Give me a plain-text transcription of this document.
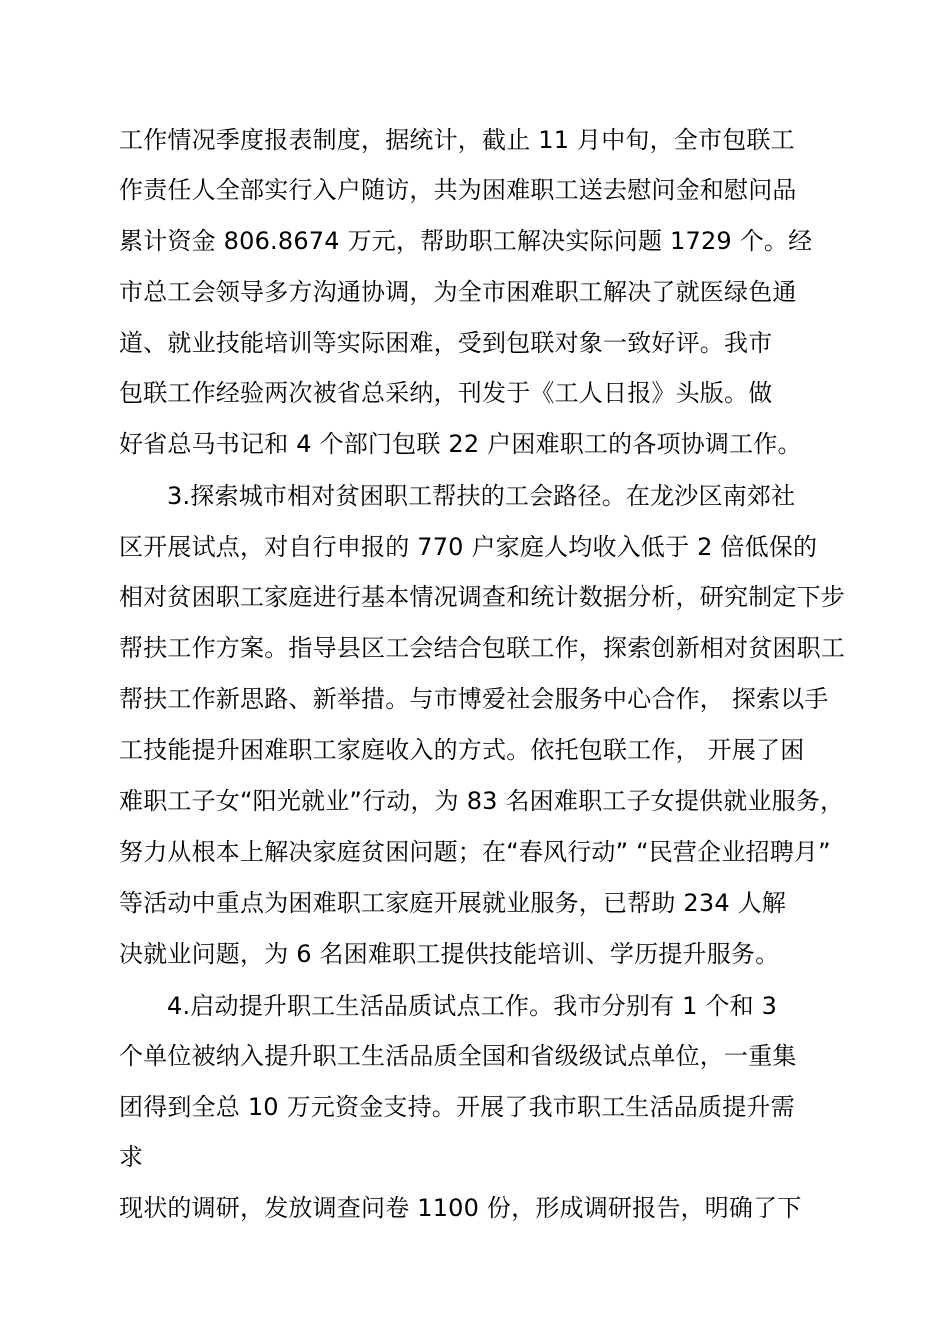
工作情况季度报表制度，据统计，截止 11 月中旬，全市包联工
作责任人全部实行入户随访，共为困难职工送去慰问金和慰问品
累计资金 806.8674 万元，帮助职工解决实际问题 1729 个。经
市总工会领导多方沟通协调，为全市困难职工解决了就医绿色通
道、就业技能培训等实际困难，受到包联对象一致好评。我市
包联工作经验两次被省总采纳，刊发于《工人日报》头版。做
好省总马书记和 4 个部门包联 22 户困难职工的各项协调工作。
3.探索城市相对贫困职工帮扶的工会路径。在龙沙区南郊社
区开展试点，对自行申报的 770 户家庭人均收入低于 2 倍低保的
相对贫困职工家庭进行基本情况调查和统计数据分析，研究制定下步
帮扶工作方案。指导县区工会结合包联工作，探索创新相对贫困职工
帮扶工作新思路、新举措。与市博爱社会服务中心合作， 探索以手
工技能提升困难职工家庭收入的方式。依托包联工作， 开展了困
难职工子女“阳光就业”行动，为 83 名困难职工子女提供就业服务，
努力从根本上解决家庭贫困问题；在“春风行动” “民营企业招聘月”
等活动中重点为困难职工家庭开展就业服务，已帮助 234 人解
决就业问题，为 6 名困难职工提供技能培训、学历提升服务。
4.启动提升职工生活品质试点工作。我市分别有 1 个和 3
个单位被纳入提升职工生活品质全国和省级级试点单位，一重集
团得到全总 10 万元资金支持。开展了我市职工生活品质提升需
求
现状的调研，发放调查问卷 1100 份，形成调研报告，明确了下
